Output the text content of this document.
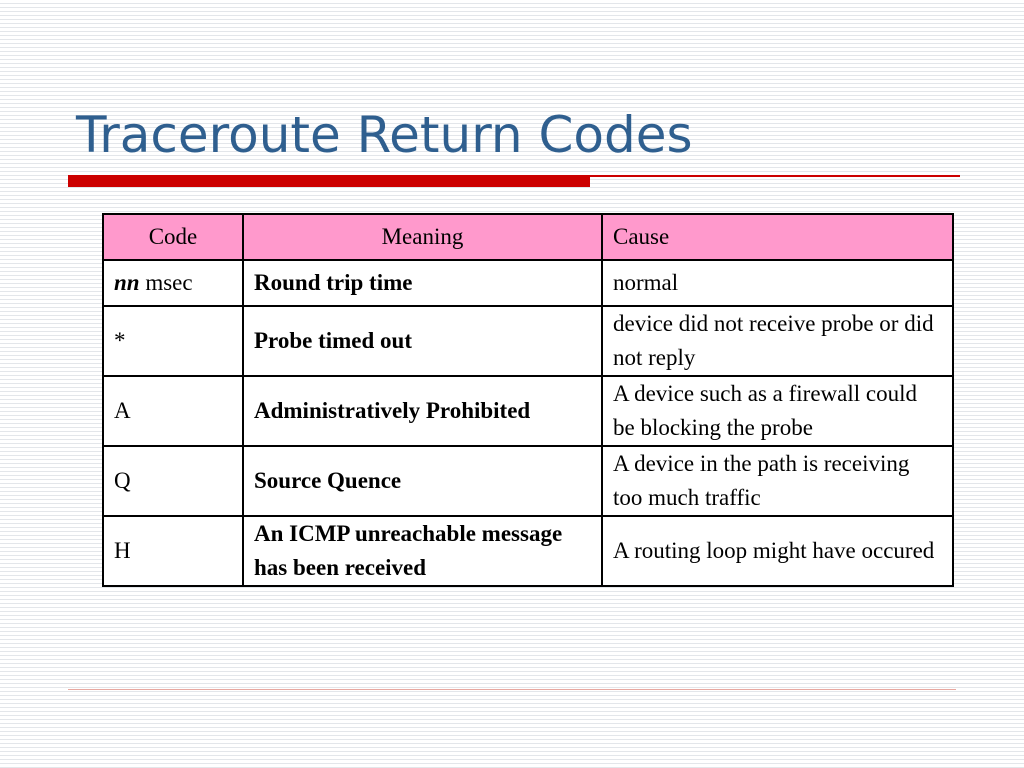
Traceroute Return Codes
Code	Meaning	Cause
nn msec	Round trip time	normal
*	Probe timed out	device did not receive probe or did not reply
A	Administratively Prohibited	A device such as a firewall could be blocking the probe
Q	Source Quence	A device in the path is receiving too much traffic
H	An ICMP unreachable message has been received	A routing loop might have occured
